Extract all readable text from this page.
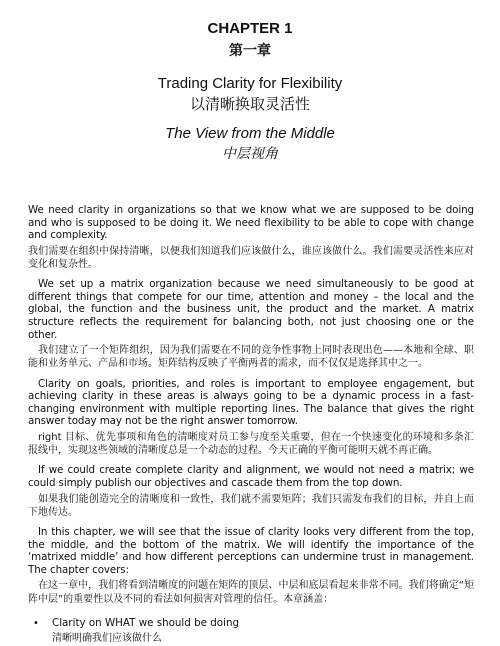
CHAPTER 1
第一章
Trading Clarity for Flexibility
以清晰换取灵活性
The View from the Middle
中层视角

We need clarity in organizations so that we know what we are supposed to be doing and who is supposed to be doing it. We need flexibility to be able to cope with change and complexity.

我们需要在组织中保持清晰，以便我们知道我们应该做什么，谁应该做什么。我们需要灵活性来应对变化和复杂性。

We set up a matrix organization because we need simultaneously to be good at different things that compete for our time, attention and money – the local and the global, the function and the business unit, the product and the market. A matrix structure reflects the requirement for balancing both, not just choosing one or the other.

我们建立了一个矩阵组织，因为我们需要在不同的竞争性事物上同时表现出色——本地和全球、职能和业务单元、产品和市场。矩阵结构反映了平衡两者的需求，而不仅仅是选择其中之一。

Clarity on goals, priorities, and roles is important to employee engagement, but achieving clarity in these areas is always going to be a dynamic process in a fast-changing environment with multiple reporting lines. The balance that gives the right answer today may not be the right answer tomorrow.

right 目标、优先事项和角色的清晰度对员工参与度至关重要，但在一个快速变化的环境和多条汇报线中，实现这些领域的清晰度总是一个动态的过程。今天正确的平衡可能明天就不再正确。

If we could create complete clarity and alignment, we would not need a matrix; we could simply publish our objectives and cascade them from the top down.

如果我们能创造完全的清晰度和一致性，我们就不需要矩阵；我们只需发布我们的目标，并自上而下地传达。

In this chapter, we will see that the issue of clarity looks very different from the top, the middle, and the bottom of the matrix. We will identify the importance of the ‘matrixed middle’ and how different perceptions can undermine trust in management. The chapter covers:

在这一章中，我们将看到清晰度的问题在矩阵的顶层、中层和底层看起来非常不同。我们将确定“矩阵中层”的重要性以及不同的看法如何损害对管理的信任。本章涵盖：

• Clarity on WHAT we should be doing
清晰明确我们应该做什么
